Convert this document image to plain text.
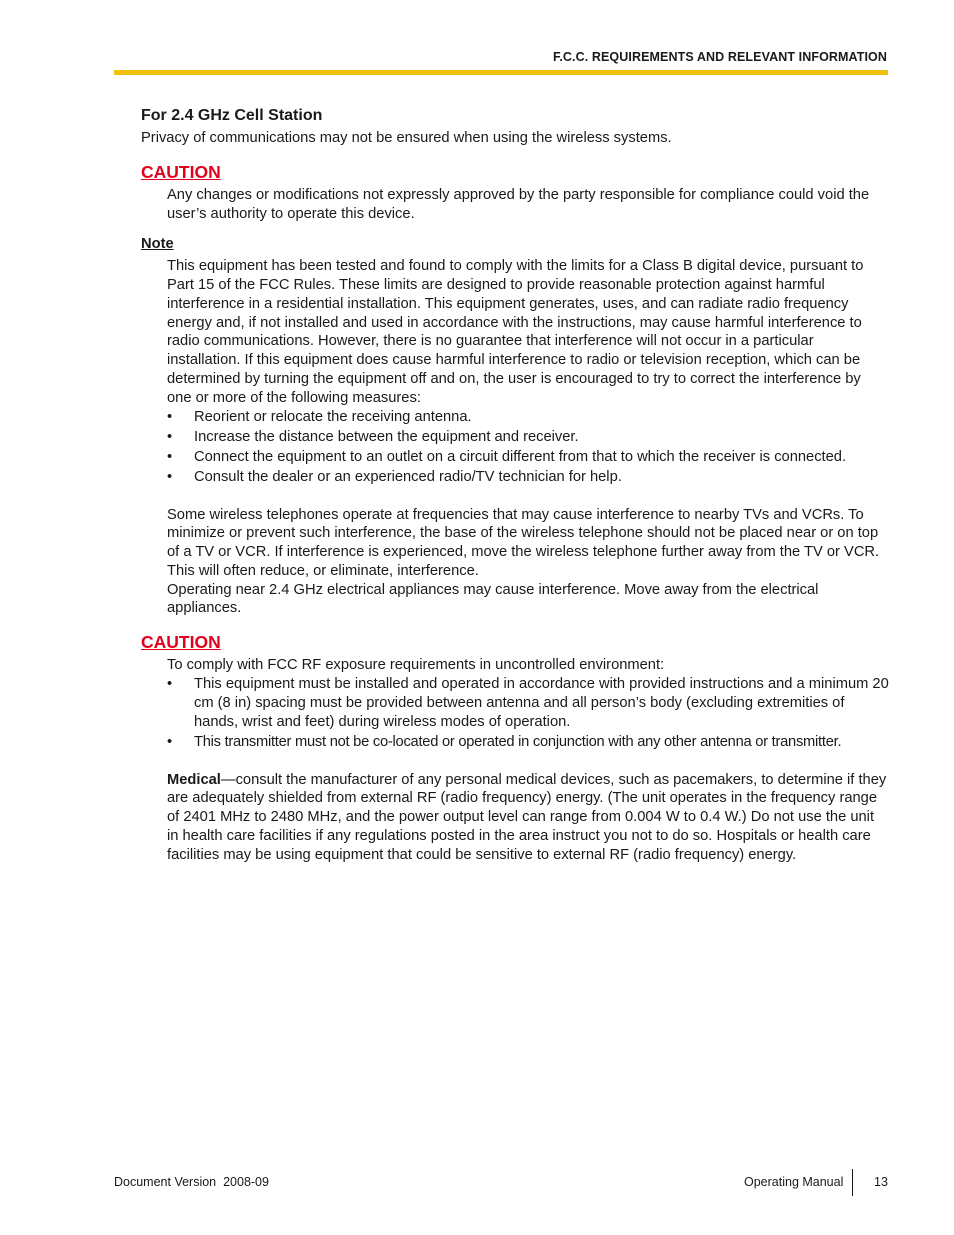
F.C.C. REQUIREMENTS AND RELEVANT INFORMATION
For 2.4 GHz Cell Station

Privacy of communications may not be ensured when using the wireless systems.

CAUTION

Any changes or modifications not expressly approved by the party responsible for compliance could void the user’s authority to operate this device.

Note

This equipment has been tested and found to comply with the limits for a Class B digital device, pursuant to Part 15 of the FCC Rules. These limits are designed to provide reasonable protection against harmful interference in a residential installation. This equipment generates, uses, and can radiate radio frequency energy and, if not installed and used in accordance with the instructions, may cause harmful interference to radio communications. However, there is no guarantee that interference will not occur in a particular installation. If this equipment does cause harmful interference to radio or television reception, which can be determined by turning the equipment off and on, the user is encouraged to try to correct the interference by one or more of the following measures:

• Reorient or relocate the receiving antenna.
• Increase the distance between the equipment and receiver.
• Connect the equipment to an outlet on a circuit different from that to which the receiver is connected.
• Consult the dealer or an experienced radio/TV technician for help.

Some wireless telephones operate at frequencies that may cause interference to nearby TVs and VCRs. To minimize or prevent such interference, the base of the wireless telephone should not be placed near or on top of a TV or VCR. If interference is experienced, move the wireless telephone further away from the TV or VCR. This will often reduce, or eliminate, interference.

Operating near 2.4 GHz electrical appliances may cause interference. Move away from the electrical appliances.

CAUTION

To comply with FCC RF exposure requirements in uncontrolled environment:

• This equipment must be installed and operated in accordance with provided instructions and a minimum 20 cm (8 in) spacing must be provided between antenna and all person’s body (excluding extremities of hands, wrist and feet) during wireless modes of operation.
• This transmitter must not be co-located or operated in conjunction with any other antenna or transmitter.

Medical—consult the manufacturer of any personal medical devices, such as pacemakers, to determine if they are adequately shielded from external RF (radio frequency) energy. (The unit operates in the frequency range of 2401 MHz to 2480 MHz, and the power output level can range from 0.004 W to 0.4 W.) Do not use the unit in health care facilities if any regulations posted in the area instruct you not to do so. Hospitals or health care facilities may be using equipment that could be sensitive to external RF (radio frequency) energy.

Document Version  2008-09	Operating Manual 13
